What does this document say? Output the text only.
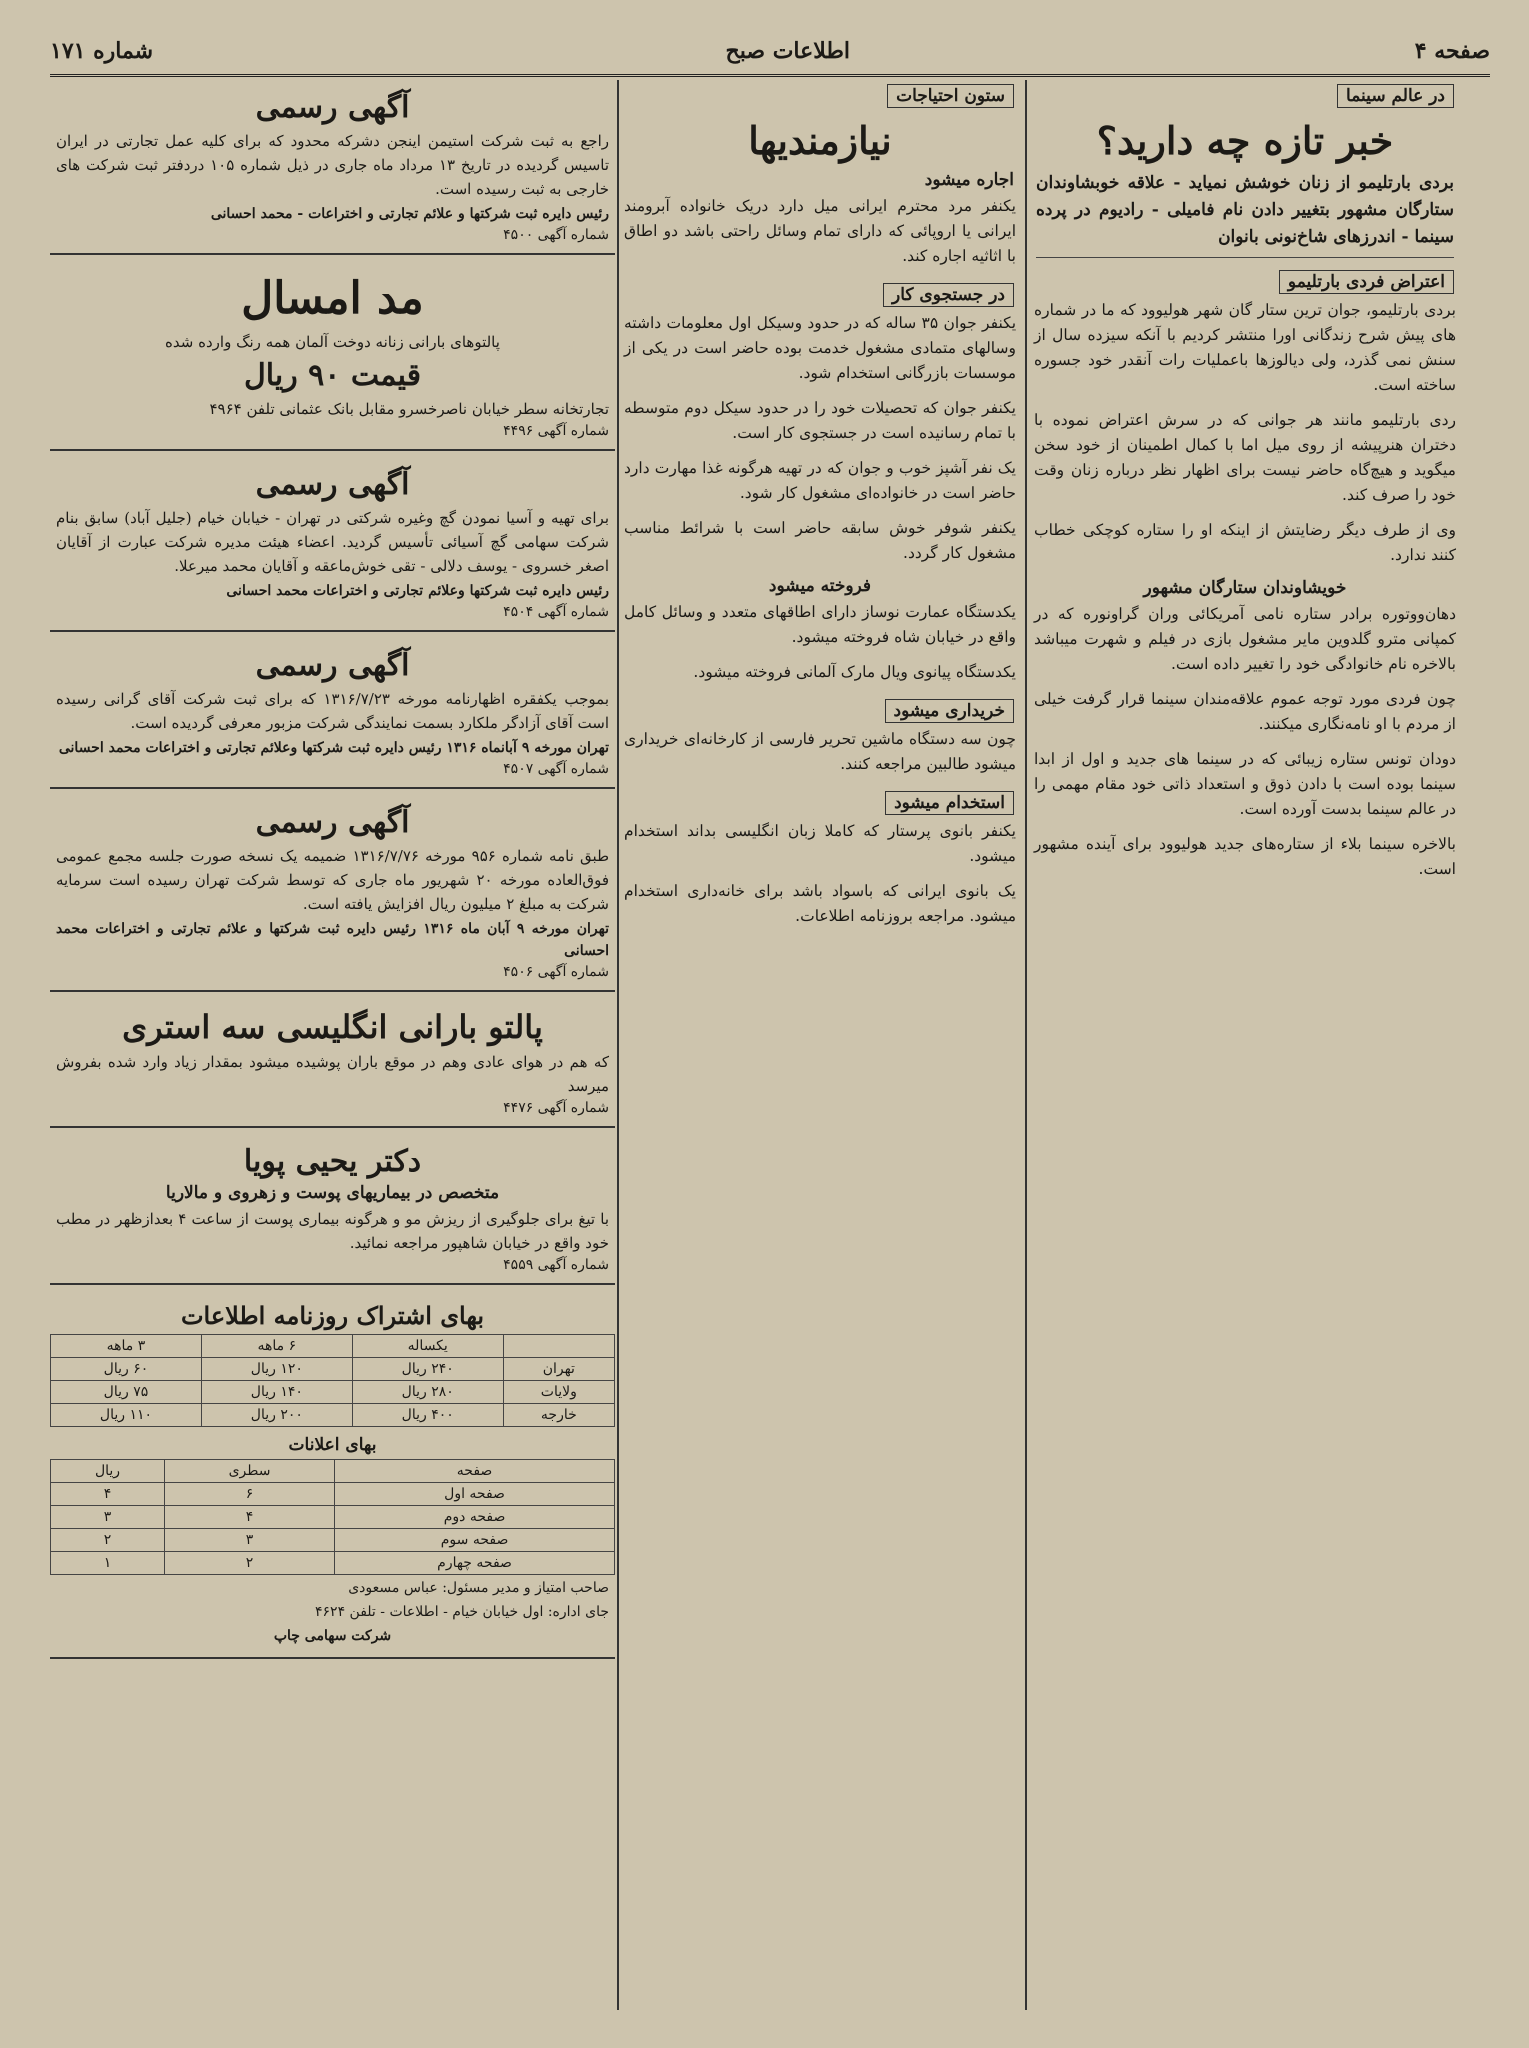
صفحه ۴
اطلاعات صبح
شماره ۱۷۱
در عالم سینما
خبر تازه چه دارید؟
بردی بارتلیمو از زنان خوشش نمیاید - علاقه خوبشاوندان ستارگان مشهور بتغییر دادن نام فامیلی - رادیوم در پرده سینما - اندرزهای شاخ‌نونی بانوان
اعتراض فردی بارتلیمو

بردی بارتلیمو، جوان ترین ستار گان شهر هولیوود که ما در شماره های پیش شرح زندگانی اورا منتشر کردیم با آنکه سیزده سال از سنش نمی گذرد، ولی دیالوزها باعملیات رات آنقدر خود جسوره ساخته است.

ردی بارتلیمو مانند هر جوانی که در سرش اعتراض نموده با دختران هنرپیشه از روی میل اما با کمال اطمینان از خود سخن میگوید و هیچ‌گاه حاضر نیست برای اظهار نظر درباره زنان وقت خود را صرف کند.

وی از طرف دیگر رضایتش از اینکه او را ستاره کوچکی خطاب کنند ندارد.

خویشاوندان ستارگان مشهور

دهان‌ووتوره برادر ستاره نامی آمریکائی وران گراونوره که در کمپانی مترو گلدوین مایر مشغول بازی در فیلم و شهرت میباشد بالاخره نام خانوادگی خود را تغییر داده است.

چون فردی مورد توجه عموم علاقه‌مندان سینما قرار گرفت خیلی از مردم با او نامه‌نگاری میکنند.

دودان تونس ستاره زیبائی که در سینما های جدید و اول از ابدا سینما بوده است با دادن ذوق و استعداد ذاتی خود مقام مهمی را در عالم سینما بدست آورده است.

بالاخره سینما بلاء از ستاره‌های جدید هولیوود برای آینده مشهور است.

ستون احتیاجات
نیازمندیها
اجاره میشود

یکنفر مرد محترم ایرانی میل دارد دریک خانواده آبرومند ایرانی یا اروپائی که دارای تمام وسائل راحتی باشد دو اطاق با اثاثیه اجاره کند.

در جستجوی کار

یکنفر جوان ۳۵ ساله که در حدود وسیکل اول معلومات داشته وسالهای متمادی مشغول خدمت بوده حاضر است در یکی از موسسات بازرگانی استخدام شود.

یکنفر جوان که تحصیلات خود را در حدود سیکل دوم متوسطه با تمام رسانیده است در جستجوی کار است.

یک نفر آشپز خوب و جوان که در تهیه هرگونه غذا مهارت دارد حاضر است در خانواده‌ای مشغول کار شود.

یکنفر شوفر خوش سابقه حاضر است با شرائط مناسب مشغول کار گردد.

فروخته میشود

یکدستگاه عمارت نوساز دارای اطاقهای متعدد و وسائل کامل واقع در خیابان شاه فروخته میشود.

یکدستگاه پیانوی ویال مارک آلمانی فروخته میشود.

خریداری میشود

چون سه دستگاه ماشین تحریر فارسی از کارخانه‌ای خریداری میشود طالبین مراجعه کنند.

استخدام میشود

یکنفر بانوی پرستار که کاملا زبان انگلیسی بداند استخدام میشود.

یک بانوی ایرانی که باسواد باشد برای خانه‌داری استخدام میشود. مراجعه بروزنامه اطلاعات.

آگهی رسمی

راجع به ثبت شرکت استیمن اینجن دشرکه محدود که برای کلیه عمل تجارتی در ایران تاسیس گردیده در تاریخ ۱۳ مرداد ماه جاری در ذیل شماره ۱۰۵ دردفتر ثبت شرکت های خارجی به ثبت رسیده است.

رئیس دایره ثبت شرکتها و علائم تجارتی و اختراعات - محمد احسانی
شماره آگهی ۴۵۰۰
مد امسال
پالتوهای بارانی زنانه دوخت آلمان همه رنگ وارده شده
قیمت ۹۰ ریال
تجارتخانه سطر خیابان ناصرخسرو مقابل بانک عثمانی تلفن ۴۹۶۴
شماره آگهی ۴۴۹۶
آگهی رسمی

برای تهیه و آسیا نمودن گچ وغیره شرکتی در تهران - خیابان خیام (جلیل آباد) سابق بنام شرکت سهامی گچ آسیائی تأسیس گردید. اعضاء هیئت مدیره شرکت عبارت از آقایان اصغر خسروی - یوسف دلالی - تقی خوش‌ماعقه و آقایان محمد میرعلا.

رئیس دایره ثبت شرکتها وعلائم تجارتی و اختراعات محمد احسانی
شماره آگهی ۴۵۰۴
آگهی رسمی

بموجب یکفقره اظهارنامه مورخه ۱۳۱۶/۷/۲۳ که برای ثبت شرکت آقای گرانی رسیده است آقای آزادگر ملکارد بسمت نمایندگی شرکت مزبور معرفی گردیده است.

تهران مورخه ۹ آبانماه ۱۳۱۶ رئیس دایره ثبت شرکتها وعلائم تجارتی و اختراعات محمد احسانی
شماره آگهی ۴۵۰۷
آگهی رسمی

طبق نامه شماره ۹۵۶ مورخه ۱۳۱۶/۷/۷۶ ضمیمه یک نسخه صورت جلسه مجمع عمومی فوق‌العاده مورخه ۲۰ شهریور ماه جاری که توسط شرکت تهران رسیده است سرمایه شرکت به مبلغ ۲ میلیون ریال افزایش یافته است.

تهران مورخه ۹ آبان ماه ۱۳۱۶ رئیس دایره ثبت شرکتها و علائم تجارتی و اختراعات محمد احسانی
شماره آگهی ۴۵۰۶
پالتو بارانی انگلیسی سه استری
که هم در هوای عادی وهم در موقع باران پوشیده میشود بمقدار زیاد وارد شده بفروش میرسد
شماره آگهی ۴۴۷۶
دکتر یحیی پویا
متخصص در بیماریهای پوست و زهروی و مالاریا
با تیغ برای جلوگیری از ریزش مو و هرگونه بیماری پوست از ساعت ۴ بعدازظهر در مطب خود واقع در خیابان شاهپور مراجعه نمائید.
شماره آگهی ۴۵۵۹
بهای اشتراک روزنامه اطلاعات
	یکساله	۶ ماهه	۳ ماهه
تهران	۲۴۰ ریال	۱۲۰ ریال	۶۰ ریال
ولایات	۲۸۰ ریال	۱۴۰ ریال	۷۵ ریال
خارجه	۴۰۰ ریال	۲۰۰ ریال	۱۱۰ ریال
بهای اعلانات
صفحه	سطری	ریال
صفحه اول	۶	۴
صفحه دوم	۴	۳
صفحه سوم	۳	۲
صفحه چهارم	۲	۱
صاحب امتیاز و مدیر مسئول: عباس مسعودی
جای اداره: اول خیابان خیام - اطلاعات - تلفن ۴۶۲۴
شرکت سهامی چاپ
